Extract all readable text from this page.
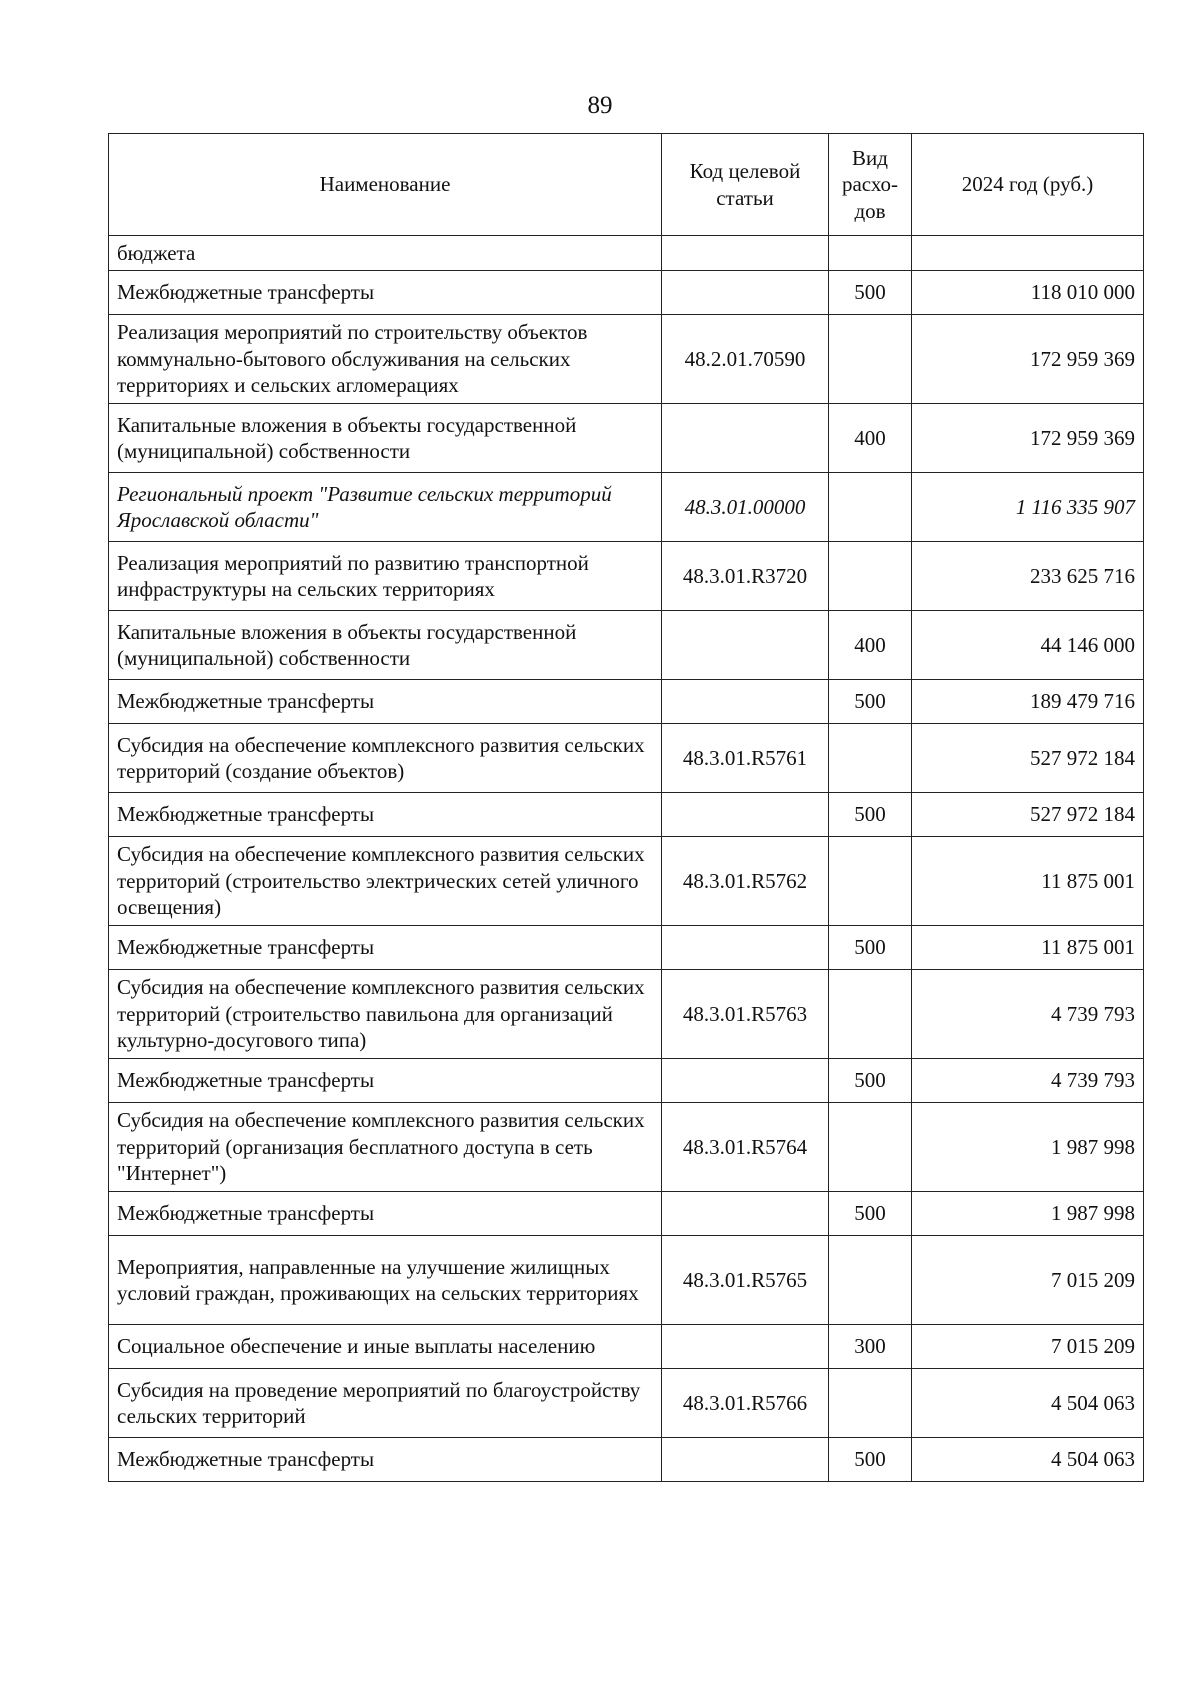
89
Наименование	Код целевой статьи	Вид расхо-дов	2024 год (руб.)
бюджета			
Межбюджетные трансферты		500	118 010 000
Реализация мероприятий по строительству объектов коммунально-бытового обслуживания на сельских территориях и сельских агломерациях	48.2.01.70590		172 959 369
Капитальные вложения в объекты государственной (муниципальной) собственности		400	172 959 369
Региональный проект "Развитие сельских территорий Ярославской области"	48.3.01.00000		1 116 335 907
Реализация мероприятий по развитию транспортной инфраструктуры на сельских территориях	48.3.01.R3720		233 625 716
Капитальные вложения в объекты государственной (муниципальной) собственности		400	44 146 000
Межбюджетные трансферты		500	189 479 716
Субсидия на обеспечение комплексного развития сельских территорий (создание объектов)	48.3.01.R5761		527 972 184
Межбюджетные трансферты		500	527 972 184
Субсидия на обеспечение комплексного развития сельских территорий (строительство электрических сетей уличного освещения)	48.3.01.R5762		11 875 001
Межбюджетные трансферты		500	11 875 001
Субсидия на обеспечение комплексного развития сельских территорий (строительство павильона для организаций культурно-досугового типа)	48.3.01.R5763		4 739 793
Межбюджетные трансферты		500	4 739 793
Субсидия на обеспечение комплексного развития сельских территорий (организация бесплатного доступа в сеть "Интернет")	48.3.01.R5764		1 987 998
Межбюджетные трансферты		500	1 987 998
Мероприятия, направленные на улучшение жилищных условий граждан, проживающих на сельских территориях	48.3.01.R5765		7 015 209
Социальное обеспечение и иные выплаты населению		300	7 015 209
Субсидия на проведение мероприятий по благоустройству сельских территорий	48.3.01.R5766		4 504 063
Межбюджетные трансферты		500	4 504 063
